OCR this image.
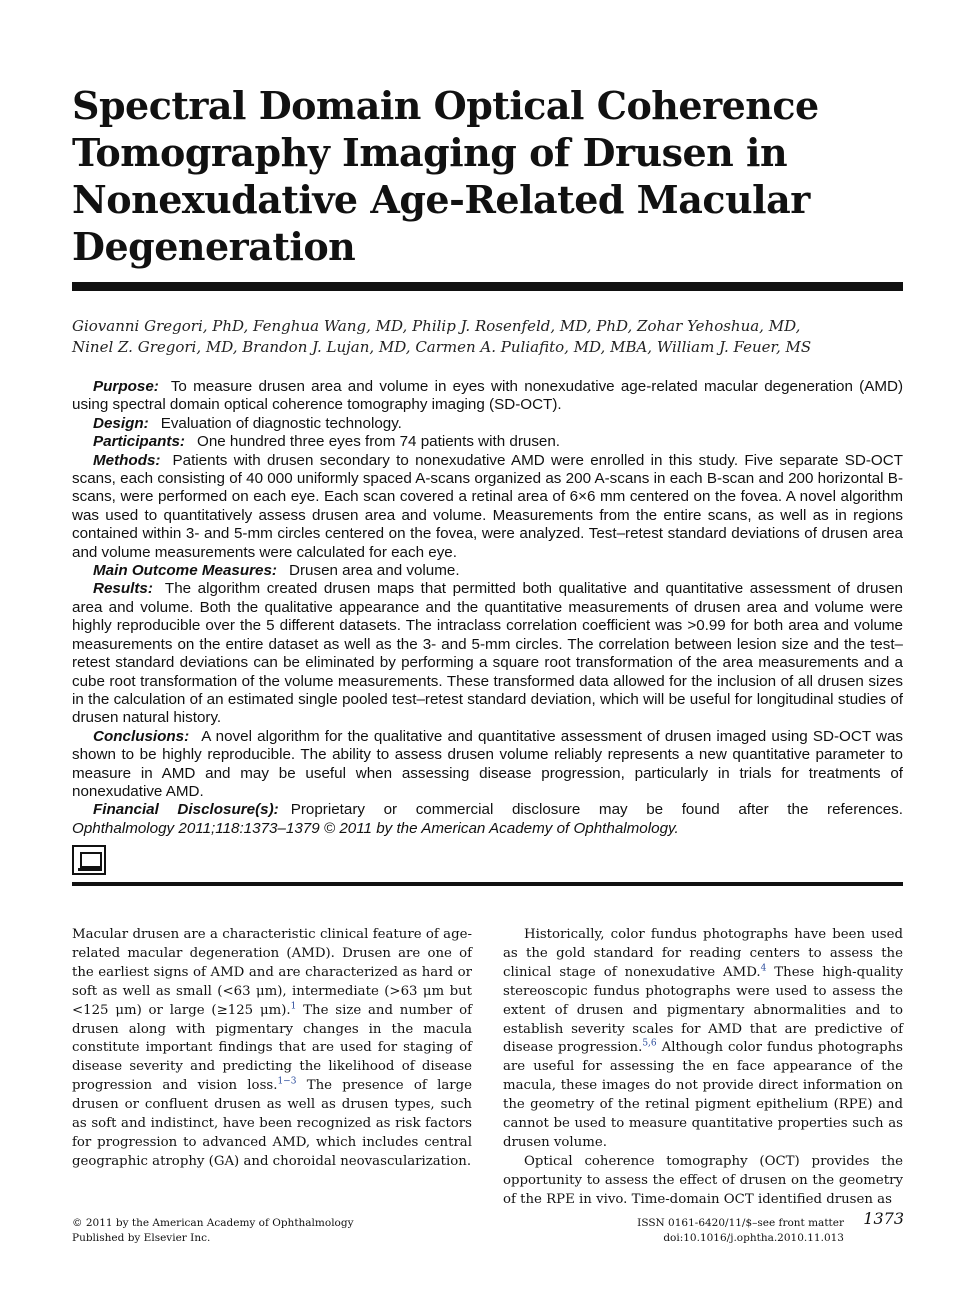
Spectral Domain Optical Coherence
Tomography Imaging of Drusen in
Nonexudative Age-Related Macular
Degeneration
Giovanni Gregori, PhD, Fenghua Wang, MD, Philip J. Rosenfeld, MD, PhD, Zohar Yehoshua, MD,
Ninel Z. Gregori, MD, Brandon J. Lujan, MD, Carmen A. Puliafito, MD, MBA, William J. Feuer, MS

Purpose: To measure drusen area and volume in eyes with nonexudative age-related macular degeneration (AMD) using spectral domain optical coherence tomography imaging (SD-OCT).

Design: Evaluation of diagnostic technology.

Participants: One hundred three eyes from 74 patients with drusen.

Methods: Patients with drusen secondary to nonexudative AMD were enrolled in this study. Five separate SD-OCT scans, each consisting of 40 000 uniformly spaced A-scans organized as 200 A-scans in each B-scan and 200 horizontal B-scans, were performed on each eye. Each scan covered a retinal area of 6×6 mm centered on the fovea. A novel algorithm was used to quantitatively assess drusen area and volume. Measurements from the entire scans, as well as in regions contained within 3- and 5-mm circles centered on the fovea, were analyzed. Test–retest standard deviations of drusen area and volume measurements were calculated for each eye.

Main Outcome Measures: Drusen area and volume.

Results: The algorithm created drusen maps that permitted both qualitative and quantitative assessment of drusen area and volume. Both the qualitative appearance and the quantitative measurements of drusen area and volume were highly reproducible over the 5 different datasets. The intraclass correlation coefficient was >0.99 for both area and volume measurements on the entire dataset as well as the 3- and 5-mm circles. The correlation between lesion size and the test–retest standard deviations can be eliminated by performing a square root transformation of the area measurements and a cube root transformation of the volume measurements. These transformed data allowed for the inclusion of all drusen sizes in the calculation of an estimated single pooled test–retest standard deviation, which will be useful for longitudinal studies of drusen natural history.

Conclusions: A novel algorithm for the qualitative and quantitative assessment of drusen imaged using SD-OCT was shown to be highly reproducible. The ability to assess drusen volume reliably represents a new quantitative parameter to measure in AMD and may be useful when assessing disease progression, particularly in trials for treatments of nonexudative AMD.

Financial Disclosure(s): Proprietary or commercial disclosure may be found after the references.

Ophthalmology 2011;118:1373–1379 © 2011 by the American Academy of Ophthalmology.

Macular drusen are a characteristic clinical feature of age-related macular degeneration (AMD). Drusen are one of the earliest signs of AMD and are characterized as hard or soft as well as small (<63 μm), intermediate (>63 μm but <125 μm) or large (≥125 μm).$^1$ The size and number of drusen along with pigmentary changes in the macula constitute important findings that are used for staging of disease severity and predicting the likelihood of disease progression and vision loss.$^{1-3}$ The presence of large drusen or confluent drusen as well as drusen types, such as soft and indistinct, have been recognized as risk factors for progression to advanced AMD, which includes central geographic atrophy (GA) and choroidal neovascularization.

Historically, color fundus photographs have been used as the gold standard for reading centers to assess the clinical stage of nonexudative AMD.$^4$ These high-quality stereoscopic fundus photographs were used to assess the extent of drusen and pigmentary abnormalities and to establish severity scales for AMD that are predictive of disease progression.$^{5,6}$ Although color fundus photographs are useful for assessing the en face appearance of the macula, these images do not provide direct information on the geometry of the retinal pigment epithelium (RPE) and cannot be used to measure quantitative properties such as drusen volume.

Optical coherence tomography (OCT) provides the opportunity to assess the effect of drusen on the geometry of the RPE in vivo. Time-domain OCT identified drusen as

© 2011 by the American Academy of Ophthalmology
Published by Elsevier Inc.
ISSN 0161-6420/11/$–see front matter
doi:10.1016/j.ophtha.2010.11.013
1373
